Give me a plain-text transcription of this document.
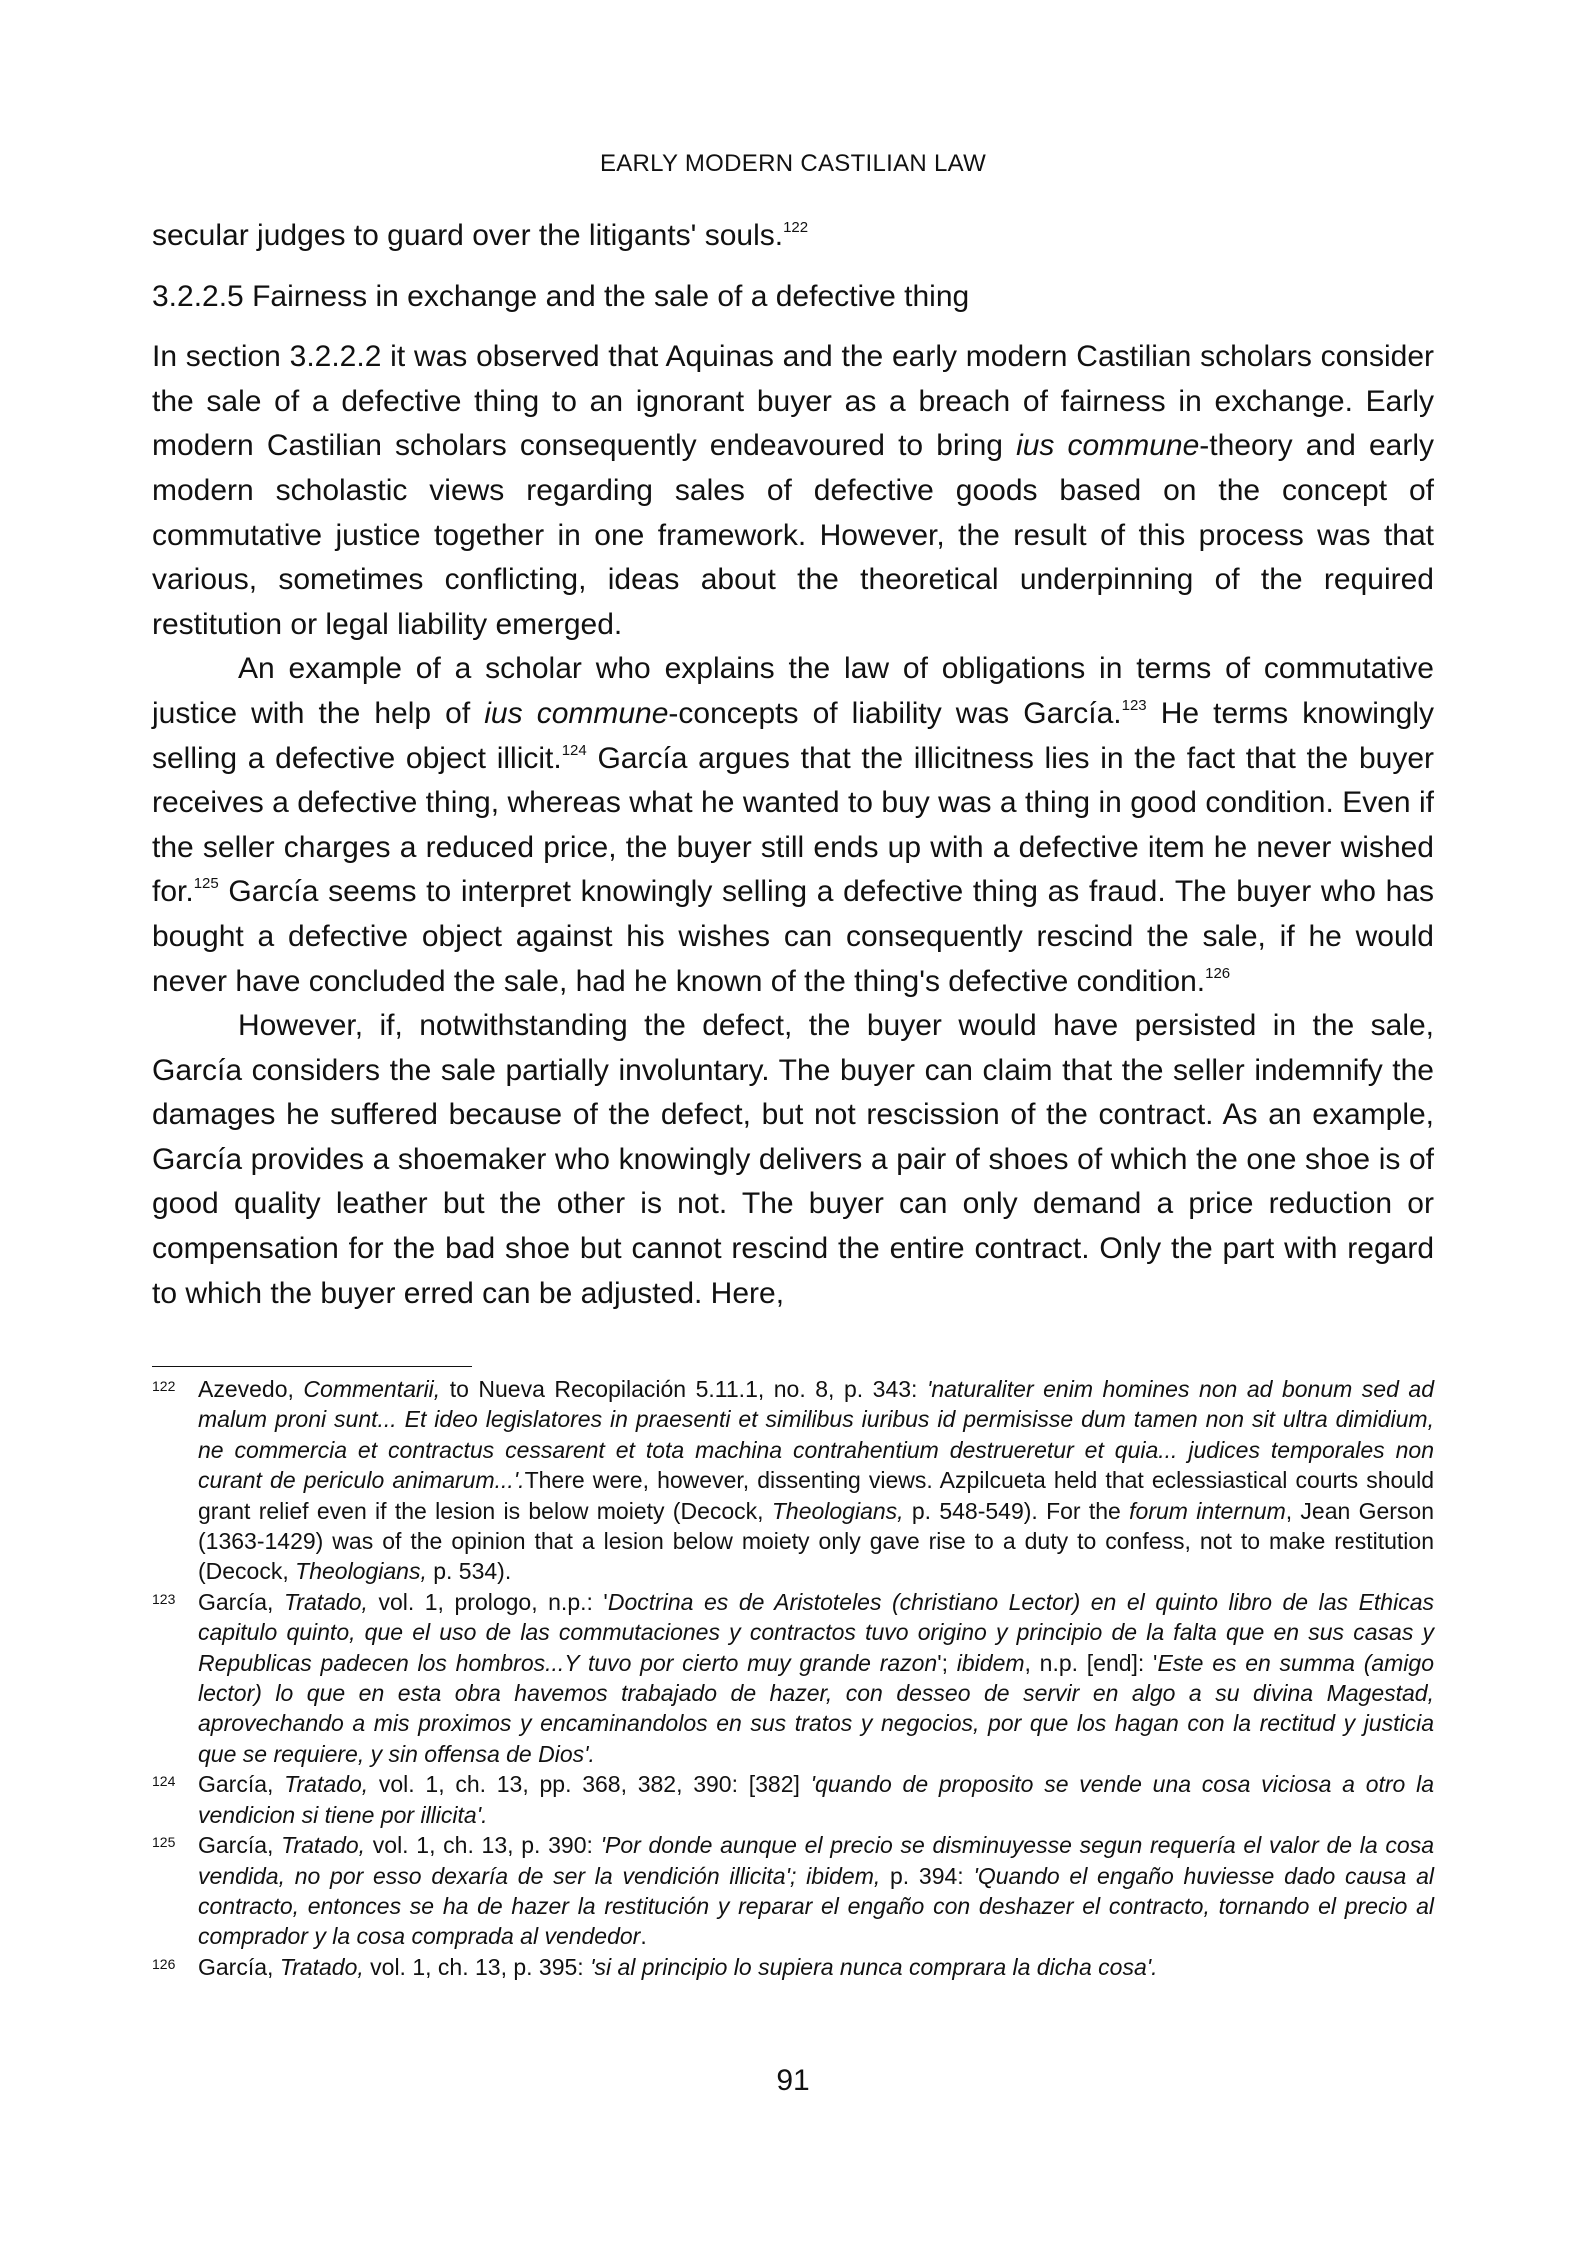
EARLY MODERN CASTILIAN LAW

secular judges to guard over the litigants' souls.$^{122}$

3.2.2.5 Fairness in exchange and the sale of a defective thing

In section 3.2.2.2 it was observed that Aquinas and the early modern Castilian scholars consider the sale of a defective thing to an ignorant buyer as a breach of fairness in exchange. Early modern Castilian scholars consequently endeavoured to bring ius commune-theory and early modern scholastic views regarding sales of defective goods based on the concept of commutative justice together in one framework. However, the result of this process was that various, sometimes conflicting, ideas about the theoretical underpinning of the required restitution or legal liability emerged.

An example of a scholar who explains the law of obligations in terms of commutative justice with the help of ius commune-concepts of liability was García.$^{123}$ He terms knowingly selling a defective object illicit.$^{124}$ García argues that the illicitness lies in the fact that the buyer receives a defective thing, whereas what he wanted to buy was a thing in good condition. Even if the seller charges a reduced price, the buyer still ends up with a defective item he never wished for.$^{125}$ García seems to interpret knowingly selling a defective thing as fraud. The buyer who has bought a defective object against his wishes can consequently rescind the sale, if he would never have concluded the sale, had he known of the thing's defective condition.$^{126}$

However, if, notwithstanding the defect, the buyer would have persisted in the sale, García considers the sale partially involuntary. The buyer can claim that the seller indemnify the damages he suffered because of the defect, but not rescission of the contract. As an example, García provides a shoemaker who knowingly delivers a pair of shoes of which the one shoe is of good quality leather but the other is not. The buyer can only demand a price reduction or compensation for the bad shoe but cannot rescind the entire contract. Only the part with regard to which the buyer erred can be adjusted. Here,

122 Azevedo, Commentarii, to Nueva Recopilación 5.11.1, no. 8, p. 343: 'naturaliter enim homines non ad bonum sed ad malum proni sunt... Et ideo legislatores in praesenti et similibus iuribus id permisisse dum tamen non sit ultra dimidium, ne commercia et contractus cessarent et tota machina contrahentium destrueretur et quia... judices temporales non curant de periculo animarum...'.There were, however, dissenting views. Azpilcueta held that eclessiastical courts should grant relief even if the lesion is below moiety (Decock, Theologians, p. 548-549). For the forum internum, Jean Gerson (1363-1429) was of the opinion that a lesion below moiety only gave rise to a duty to confess, not to make restitution (Decock, Theologians, p. 534).
123 García, Tratado, vol. 1, prologo, n.p.: 'Doctrina es de Aristoteles (christiano Lector) en el quinto libro de las Ethicas capitulo quinto, que el uso de las commutaciones y contractos tuvo origino y principio de la falta que en sus casas y Republicas padecen los hombros...Y tuvo por cierto muy grande razon'; ibidem, n.p. [end]: 'Este es en summa (amigo lector) lo que en esta obra havemos trabajado de hazer, con desseo de servir en algo a su divina Magestad, aprovechando a mis proximos y encaminandolos en sus tratos y negocios, por que los hagan con la rectitud y justicia que se requiere, y sin offensa de Dios'.
124 García, Tratado, vol. 1, ch. 13, pp. 368, 382, 390: [382] 'quando de proposito se vende una cosa viciosa a otro la vendicion si tiene por illicita'.
125 García, Tratado, vol. 1, ch. 13, p. 390: 'Por donde aunque el precio se disminuyesse segun requería el valor de la cosa vendida, no por esso dexaría de ser la vendición illicita'; ibidem, p. 394: 'Quando el engaño huviesse dado causa al contracto, entonces se ha de hazer la restitución y reparar el engaño con deshazer el contracto, tornando el precio al comprador y la cosa comprada al vendedor.
126 García, Tratado, vol. 1, ch. 13, p. 395: 'si al principio lo supiera nunca comprara la dicha cosa'.
91
